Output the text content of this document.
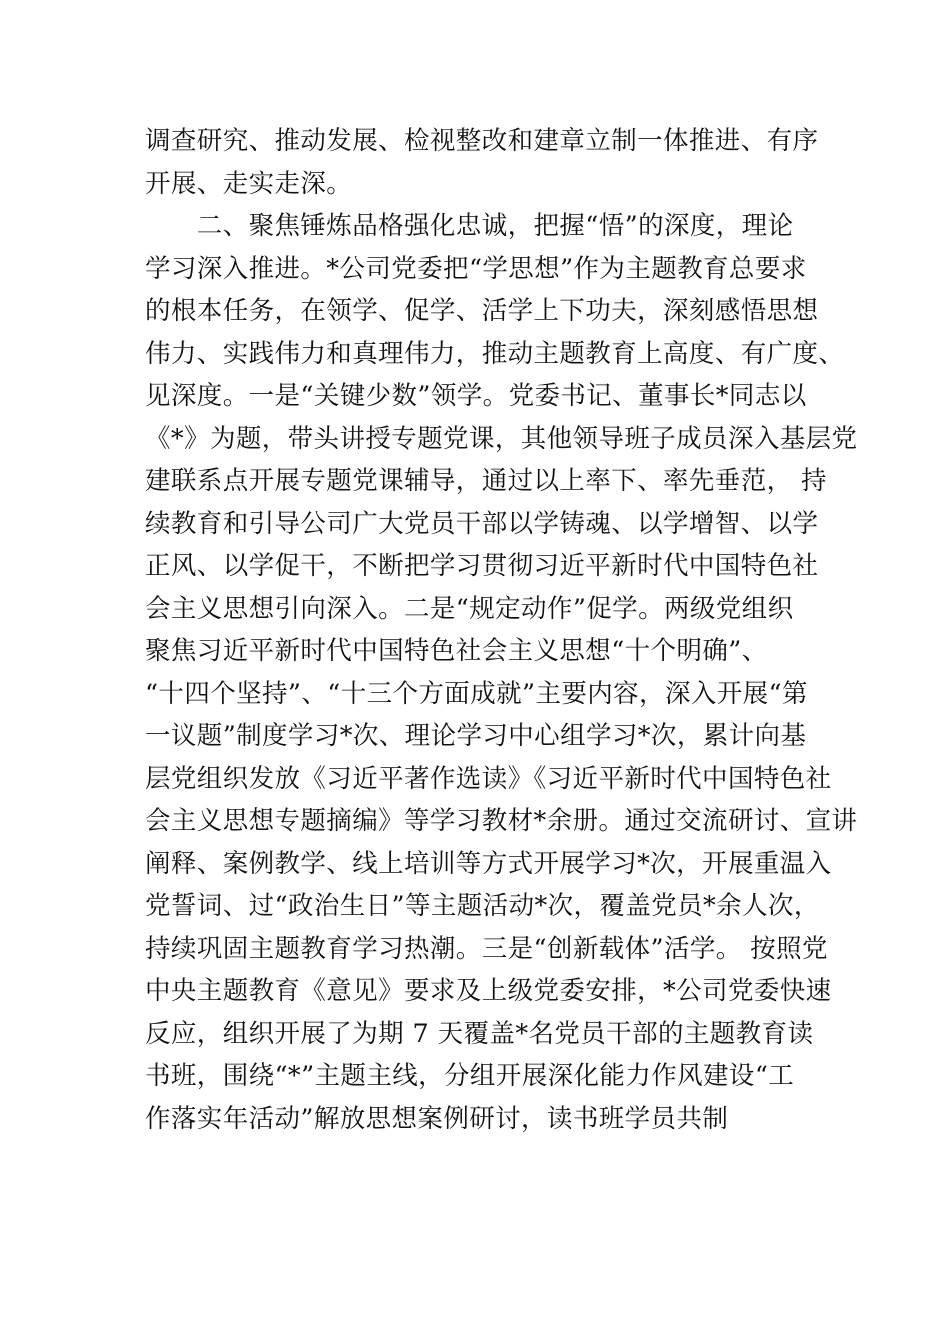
调查研究、推动发展、检视整改和建章立制一体推进、有序
开展、走实走深。
　　二、聚焦锤炼品格强化忠诚，把握“悟”的深度，理论
学习深入推进。*公司党委把“学思想”作为主题教育总要求
的根本任务，在领学、促学、活学上下功夫，深刻感悟思想
伟力、实践伟力和真理伟力，推动主题教育上高度、有广度、
见深度。一是“关键少数”领学。党委书记、董事长*同志以
《*》为题，带头讲授专题党课，其他领导班子成员深入基层党
建联系点开展专题党课辅导，通过以上率下、率先垂范， 持
续教育和引导公司广大党员干部以学铸魂、以学增智、以学
正风、以学促干，不断把学习贯彻习近平新时代中国特色社
会主义思想引向深入。二是“规定动作”促学。两级党组织
聚焦习近平新时代中国特色社会主义思想“十个明确”、
“十四个坚持”、“十三个方面成就”主要内容，深入开展“第
一议题”制度学习*次、理论学习中心组学习*次，累计向基
层党组织发放《习近平著作选读》《习近平新时代中国特色社
会主义思想专题摘编》等学习教材*余册。通过交流研讨、宣讲
阐释、案例教学、线上培训等方式开展学习*次，开展重温入
党誓词、过“政治生日”等主题活动*次，覆盖党员*余人次，
持续巩固主题教育学习热潮。三是“创新载体”活学。 按照党
中央主题教育《意见》要求及上级党委安排，*公司党委快速
反应，组织开展了为期 7 天覆盖*名党员干部的主题教育读
书班，围绕“*”主题主线，分组开展深化能力作风建设“工
作落实年活动”解放思想案例研讨，读书班学员共制
